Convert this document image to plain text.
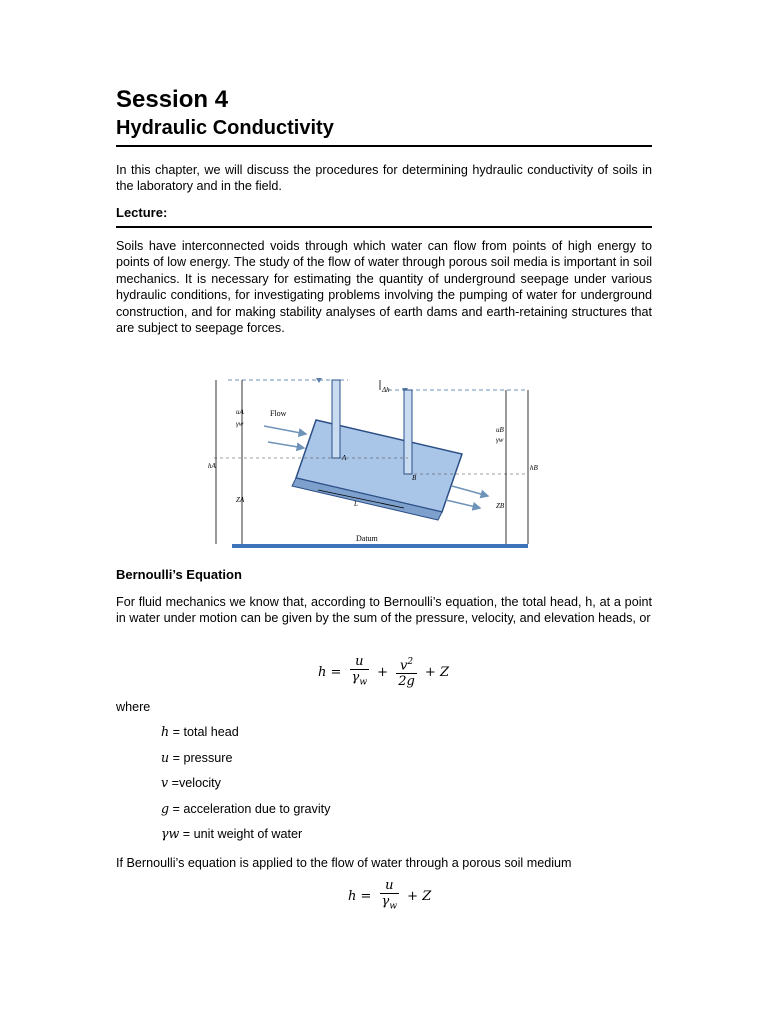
Session 4
Hydraulic Conductivity

In this chapter, we will discuss the procedures for determining hydraulic conductivity of soils in the laboratory and in the field.

Lecture:

Soils have interconnected voids through which water can flow from points of high energy to points of low energy. The study of the flow of water through porous soil media is important in soil mechanics. It is necessary for estimating the quantity of underground seepage under various hydraulic conditions, for investigating problems involving the pumping of water for underground construction, and for making stability analyses of earth dams and earth-retaining structures that are subject to seepage forces.

Datum
A
B
Flow
L
hA
uA
γw
ZA
hB
uB
γw
ZB
Δh
Bernoulli’s Equation

For fluid mechanics we know that, according to Bernoulli’s equation, the total head, h, at a point in water under motion can be given by the sum of the pressure, velocity, and elevation heads, or

$h = \frac{u}{\gamma_w} + \frac{v^2}{2g} + Z$

where

h = total head
u = pressure
v =velocity
g = acceleration due to gravity
γw = unit weight of water

If Bernoulli’s equation is applied to the flow of water through a porous soil medium

$h = \frac{u}{\gamma_w} + Z$
